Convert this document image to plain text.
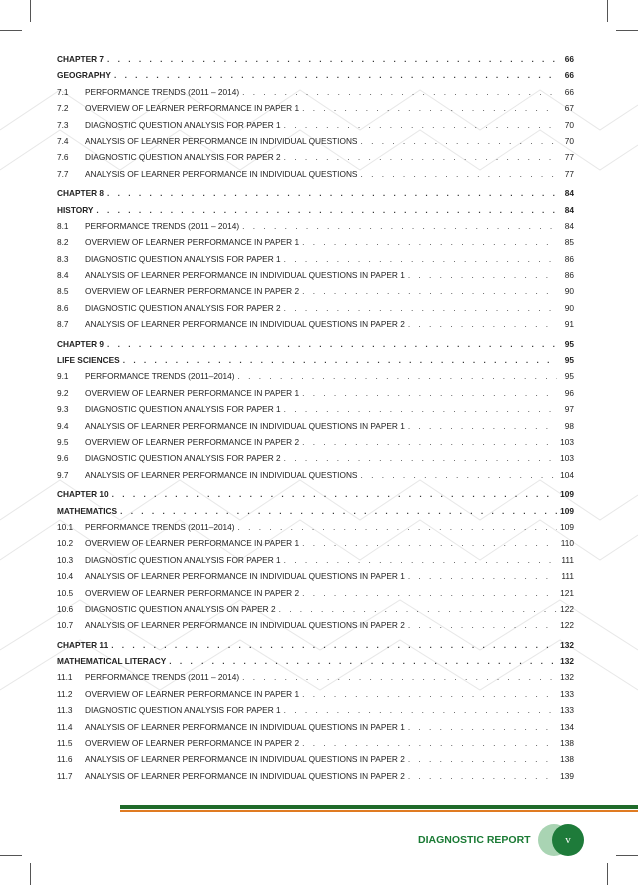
CHAPTER 7 . . .	66
GEOGRAPHY . . .	66
7.1	PERFORMANCE TRENDS (2011 – 2014) . . .	66
7.2	OVERVIEW OF LEARNER PERFORMANCE IN PAPER 1 . . .	67
7.3	DIAGNOSTIC QUESTION ANALYSIS FOR PAPER 1 . . .	70
7.4	ANALYSIS OF LEARNER PERFORMANCE IN INDIVIDUAL QUESTIONS . . .	70
7.6	DIAGNOSTIC QUESTION ANALYSIS FOR PAPER 2 . . .	77
7.7	ANALYSIS OF LEARNER PERFORMANCE IN INDIVIDUAL QUESTIONS . . .	77
CHAPTER 8 . . .	84
HISTORY . . .	84
8.1	PERFORMANCE TRENDS (2011 – 2014) . . .	84
8.2	OVERVIEW OF LEARNER PERFORMANCE IN PAPER 1 . . .	85
8.3	DIAGNOSTIC QUESTION ANALYSIS FOR PAPER 1 . . .	86
8.4	ANALYSIS OF LEARNER PERFORMANCE IN INDIVIDUAL QUESTIONS IN PAPER 1 . . .	86
8.5	OVERVIEW OF LEARNER PERFORMANCE IN PAPER 2 . . .	90
8.6	DIAGNOSTIC QUESTION ANALYSIS FOR PAPER 2 . . .	90
8.7	ANALYSIS OF LEARNER PERFORMANCE IN INDIVIDUAL QUESTIONS IN PAPER 2 . . .	91
CHAPTER 9 . . .	95
LIFE SCIENCES . . .	95
9.1	PERFORMANCE TRENDS (2011–2014) . . .	95
9.2	OVERVIEW OF LEARNER PERFORMANCE IN PAPER 1 . . .	96
9.3	DIAGNOSTIC QUESTION ANALYSIS FOR PAPER 1 . . .	97
9.4	ANALYSIS OF LEARNER PERFORMANCE IN INDIVIDUAL QUESTIONS IN PAPER 1 . . .	98
9.5	OVERVIEW OF LEARNER PERFORMANCE IN PAPER 2 . . .	103
9.6	DIAGNOSTIC QUESTION ANALYSIS FOR PAPER 2 . . .	103
9.7	ANALYSIS OF LEARNER PERFORMANCE IN INDIVIDUAL QUESTIONS . . .	104
CHAPTER 10 . . .	109
MATHEMATICS . . .	109
10.1	PERFORMANCE TRENDS (2011–2014) . . .	109
10.2	OVERVIEW OF LEARNER PERFORMANCE IN PAPER 1 . . .	110
10.3	DIAGNOSTIC QUESTION ANALYSIS FOR PAPER 1 . . .	111
10.4	ANALYSIS OF LEARNER PERFORMANCE IN INDIVIDUAL QUESTIONS IN PAPER 1 . . .	111
10.5	OVERVIEW OF LEARNER PERFORMANCE IN PAPER 2 . . .	121
10.6	DIAGNOSTIC QUESTION ANALYSIS ON PAPER 2 . . .	122
10.7	ANALYSIS OF LEARNER PERFORMANCE IN INDIVIDUAL QUESTIONS IN PAPER 2 . . .	122
CHAPTER 11 . . .	132
MATHEMATICAL LITERACY . . .	132
11.1	PERFORMANCE TRENDS (2011 – 2014) . . .	132
11.2	OVERVIEW OF LEARNER PERFORMANCE IN PAPER 1 . . .	133
11.3	DIAGNOSTIC QUESTION ANALYSIS FOR PAPER 1 . . .	133
11.4	ANALYSIS OF LEARNER PERFORMANCE IN INDIVIDUAL QUESTIONS IN PAPER 1 . . .	134
11.5	OVERVIEW OF LEARNER PERFORMANCE IN PAPER 2 . . .	138
11.6	ANALYSIS OF LEARNER PERFORMANCE IN INDIVIDUAL QUESTIONS IN PAPER 2 . . .	138
11.7	ANALYSIS OF LEARNER PERFORMANCE IN INDIVIDUAL QUESTIONS IN PAPER 2 . . .	139
DIAGNOSTIC REPORT	v
